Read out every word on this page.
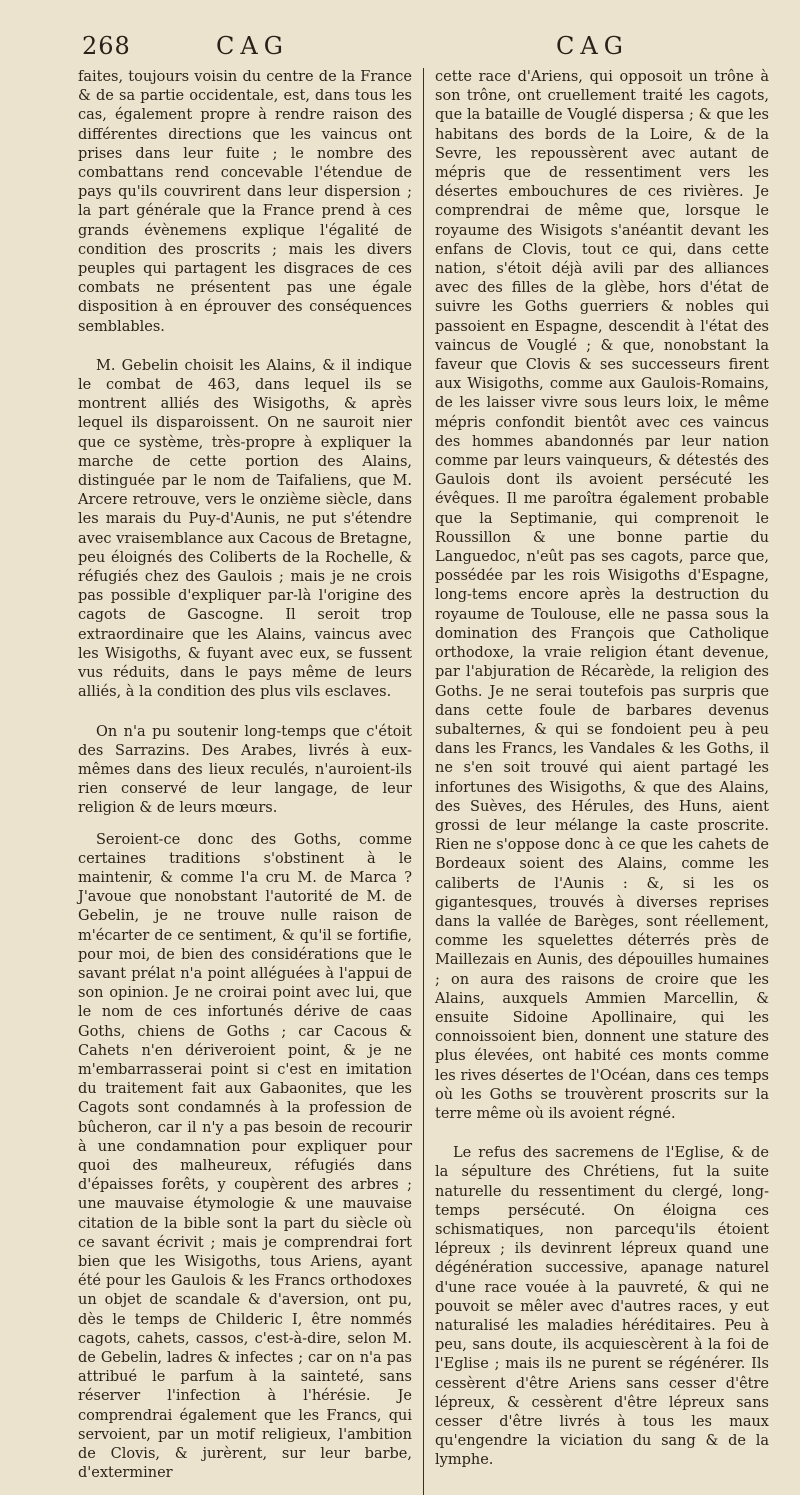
268	CAG	CAG

faites, toujours voisin du centre de la France & de sa partie occidentale, est, dans tous les cas, également propre à rendre raison des différentes directions que les vaincus ont prises dans leur fuite ; le nombre des combattans rend concevable l'étendue de pays qu'ils couvrirent dans leur dispersion ; la part générale que la France prend à ces grands évènemens explique l'égalité de condition des proscrits ; mais les divers peuples qui partagent les disgraces de ces combats ne présentent pas une égale disposition à en éprouver des conséquences semblables.

M. Gebelin choisit les Alains, & il indique le combat de 463, dans lequel ils se montrent alliés des Wisigoths, & après lequel ils disparoissent. On ne sauroit nier que ce système, très-propre à expliquer la marche de cette portion des Alains, distinguée par le nom de Taifaliens, que M. Arcere retrouve, vers le onzième siècle, dans les marais du Puy-d'Aunis, ne put s'étendre avec vraisemblance aux Cacous de Bretagne, peu éloignés des Coliberts de la Rochelle, & réfugiés chez des Gaulois ; mais je ne crois pas possible d'expliquer par-là l'origine des cagots de Gascogne. Il seroit trop extraordinaire que les Alains, vaincus avec les Wisigoths, & fuyant avec eux, se fussent vus réduits, dans le pays même de leurs alliés, à la condition des plus vils esclaves.

On n'a pu soutenir long-temps que c'étoit des Sarrazins. Des Arabes, livrés à eux-mêmes dans des lieux reculés, n'auroient-ils rien conservé de leur langage, de leur religion & de leurs mœurs.

Seroient-ce donc des Goths, comme certaines traditions s'obstinent à le maintenir, & comme l'a cru M. de Marca ? J'avoue que nonobstant l'autorité de M. de Gebelin, je ne trouve nulle raison de m'écarter de ce sentiment, & qu'il se fortifie, pour moi, de bien des considérations que le savant prélat n'a point alléguées à l'appui de son opinion. Je ne croirai point avec lui, que le nom de ces infortunés dérive de caas Goths, chiens de Goths ; car Cacous & Cahets n'en dériveroient point, & je ne m'embarrasserai point si c'est en imitation du traitement fait aux Gabaonites, que les Cagots sont condamnés à la profession de bûcheron, car il n'y a pas besoin de recourir à une condamnation pour expliquer pour quoi des malheureux, réfugiés dans d'épaisses forêts, y coupèrent des arbres ; une mauvaise étymologie & une mauvaise citation de la bible sont la part du siècle où ce savant écrivit ; mais je comprendrai fort bien que les Wisigoths, tous Ariens, ayant été pour les Gaulois & les Francs orthodoxes un objet de scandale & d'aversion, ont pu, dès le temps de Childeric I, être nommés cagots, cahets, cassos, c'est-à-dire, selon M. de Gebelin, ladres & infectes ; car on n'a pas attribué le parfum à la sainteté, sans réserver l'infection à l'hérésie. Je comprendrai également que les Francs, qui servoient, par un motif religieux, l'ambition de Clovis, & jurèrent, sur leur barbe, d'exterminer

cette race d'Ariens, qui opposoit un trône à son trône, ont cruellement traité les cagots, que la bataille de Vouglé dispersa ; & que les habitans des bords de la Loire, & de la Sevre, les repoussèrent avec autant de mépris que de ressentiment vers les désertes embouchures de ces rivières. Je comprendrai de même que, lorsque le royaume des Wisigots s'anéantit devant les enfans de Clovis, tout ce qui, dans cette nation, s'étoit déjà avili par des alliances avec des filles de la glèbe, hors d'état de suivre les Goths guerriers & nobles qui passoient en Espagne, descendit à l'état des vaincus de Vouglé ; & que, nonobstant la faveur que Clovis & ses successeurs firent aux Wisigoths, comme aux Gaulois-Romains, de les laisser vivre sous leurs loix, le même mépris confondit bientôt avec ces vaincus des hommes abandonnés par leur nation comme par leurs vainqueurs, & détestés des Gaulois dont ils avoient persécuté les évêques. Il me paroîtra également probable que la Septimanie, qui comprenoit le Roussillon & une bonne partie du Languedoc, n'eût pas ses cagots, parce que, possédée par les rois Wisigoths d'Espagne, long-tems encore après la destruction du royaume de Toulouse, elle ne passa sous la domination des François que Catholique orthodoxe, la vraie religion étant devenue, par l'abjuration de Récarède, la religion des Goths. Je ne serai toutefois pas surpris que dans cette foule de barbares devenus subalternes, & qui se fondoient peu à peu dans les Francs, les Vandales & les Goths, il ne s'en soit trouvé qui aient partagé les infortunes des Wisigoths, & que des Alains, des Suèves, des Hérules, des Huns, aient grossi de leur mélange la caste proscrite. Rien ne s'oppose donc à ce que les cahets de Bordeaux soient des Alains, comme les caliberts de l'Aunis : &, si les os gigantesques, trouvés à diverses reprises dans la vallée de Barèges, sont réellement, comme les squelettes déterrés près de Maillezais en Aunis, des dépouilles humaines ; on aura des raisons de croire que les Alains, auxquels Ammien Marcellin, & ensuite Sidoine Apollinaire, qui les connoissoient bien, donnent une stature des plus élevées, ont habité ces monts comme les rives désertes de l'Océan, dans ces temps où les Goths se trouvèrent proscrits sur la terre même où ils avoient régné.

Le refus des sacremens de l'Eglise, & de la sépulture des Chrétiens, fut la suite naturelle du ressentiment du clergé, long-temps persécuté. On éloigna ces schismatiques, non parcequ'ils étoient lépreux ; ils devinrent lépreux quand une dégénération successive, apanage naturel d'une race vouée à la pauvreté, & qui ne pouvoit se mêler avec d'autres races, y eut naturalisé les maladies héréditaires. Peu à peu, sans doute, ils acquiescèrent à la foi de l'Eglise ; mais ils ne purent se régénérer. Ils cessèrent d'être Ariens sans cesser d'être lépreux, & cessèrent d'être lépreux sans cesser d'être livrés à tous les maux qu'engendre la viciation du sang & de la lymphe.
